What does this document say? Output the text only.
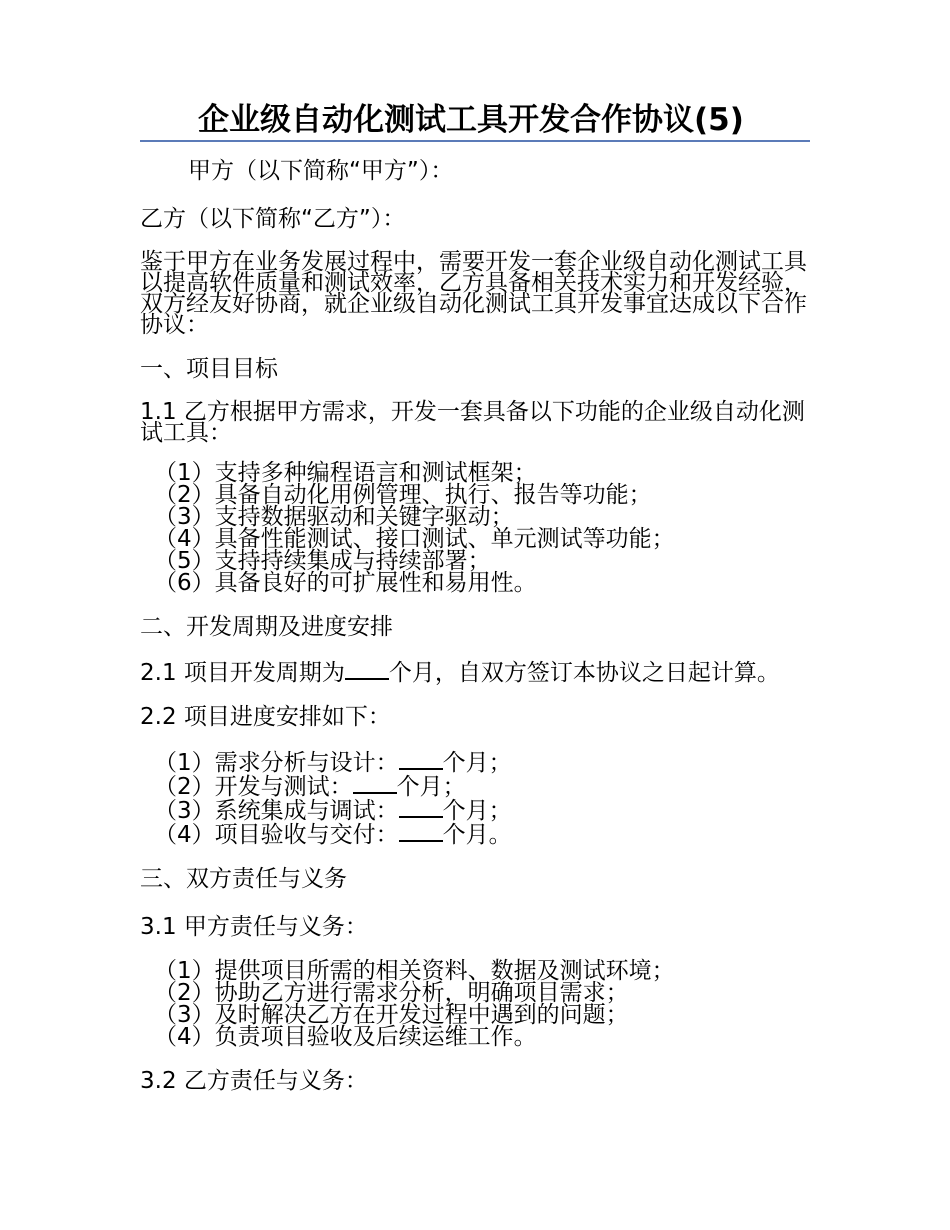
企业级自动化测试工具开发合作协议(5)

甲方（以下简称“甲方”）：

乙方（以下简称“乙方”）：

鉴于甲方在业务发展过程中，需要开发一套企业级自动化测试工具以提高软件质量和测试效率，乙方具备相关技术实力和开发经验，双方经友好协商，就企业级自动化测试工具开发事宜达成以下合作协议：

一、项目目标

1.1 乙方根据甲方需求，开发一套具备以下功能的企业级自动化测试工具：

（1）支持多种编程语言和测试框架；
（2）具备自动化用例管理、执行、报告等功能；
（3）支持数据驱动和关键字驱动；
（4）具备性能测试、接口测试、单元测试等功能；
（5）支持持续集成与持续部署；
（6）具备良好的可扩展性和易用性。

二、开发周期及进度安排

2.1 项目开发周期为 个月，自双方签订本协议之日起计算。

2.2 项目进度安排如下：

（1）需求分析与设计： 个月；
（2）开发与测试： 个月；
（3）系统集成与调试： 个月；
（4）项目验收与交付： 个月。

三、双方责任与义务

3.1 甲方责任与义务：

（1）提供项目所需的相关资料、数据及测试环境；
（2）协助乙方进行需求分析，明确项目需求；
（3）及时解决乙方在开发过程中遇到的问题；
（4）负责项目验收及后续运维工作。

3.2 乙方责任与义务：
